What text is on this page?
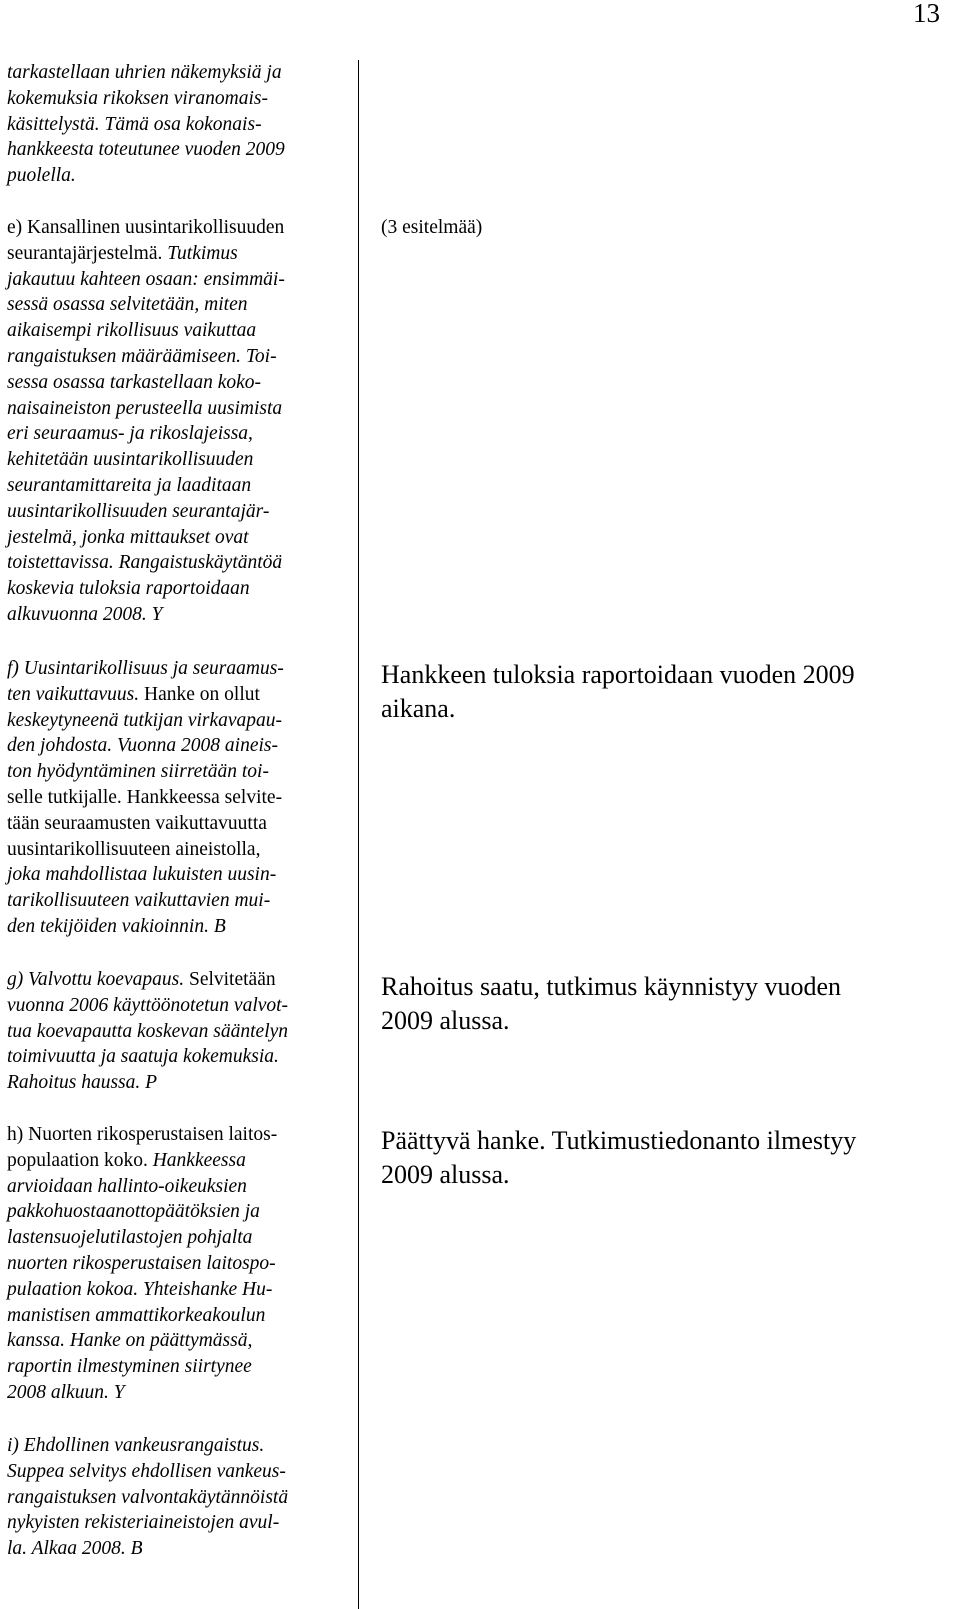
13
tarkastellaan uhrien näkemyksiä ja
kokemuksia rikoksen viranomais-
käsittelystä. Tämä osa kokonais-
hankkeesta toteutunee vuoden 2009
puolella.
e) Kansallinen uusintarikollisuuden
seurantajärjestelmä. Tutkimus
jakautuu kahteen osaan: ensimmäi-
sessä osassa selvitetään, miten
aikaisempi rikollisuus vaikuttaa
rangaistuksen määräämiseen. Toi-
sessa osassa tarkastellaan koko-
naisaineiston perusteella uusimista
eri seuraamus- ja rikoslajeissa,
kehitetään uusintarikollisuuden
seurantamittareita ja laaditaan
uusintarikollisuuden seurantajär-
jestelmä, jonka mittaukset ovat
toistettavissa. Rangaistuskäytäntöä
koskevia tuloksia raportoidaan
alkuvuonna 2008. Y
f) Uusintarikollisuus ja seuraamus-
ten vaikuttavuus. Hanke on ollut
keskeytyneenä tutkijan virkavapau-
den johdosta. Vuonna 2008 aineis-
ton hyödyntäminen siirretään toi-
selle tutkijalle. Hankkeessa selvite-
tään seuraamusten vaikuttavuutta
uusintarikollisuuteen aineistolla,
joka mahdollistaa lukuisten uusin-
tarikollisuuteen vaikuttavien mui-
den tekijöiden vakioinnin. B
g) Valvottu koevapaus. Selvitetään
vuonna 2006 käyttöönotetun valvot-
tua koevapautta koskevan sääntelyn
toimivuutta ja saatuja kokemuksia.
Rahoitus haussa. P
h) Nuorten rikosperustaisen laitos-
populaation koko. Hankkeessa
arvioidaan hallinto-oikeuksien
pakkohuostaanottopäätöksien ja
lastensuojelutilastojen pohjalta
nuorten rikosperustaisen laitospo-
pulaation kokoa. Yhteishanke Hu-
manistisen ammattikorkeakoulun
kanssa. Hanke on päättymässä,
raportin ilmestyminen siirtynee
2008 alkuun. Y
i) Ehdollinen vankeusrangaistus.
Suppea selvitys ehdollisen vankeus-
rangaistuksen valvontakäytännöistä
nykyisten rekisteriaineistojen avul-
la. Alkaa 2008. B
(3 esitelmää)
Hankkeen tuloksia raportoidaan vuoden 2009
aikana.
Rahoitus saatu, tutkimus käynnistyy vuoden
2009 alussa.
Päättyvä hanke. Tutkimustiedonanto ilmestyy
2009 alussa.
